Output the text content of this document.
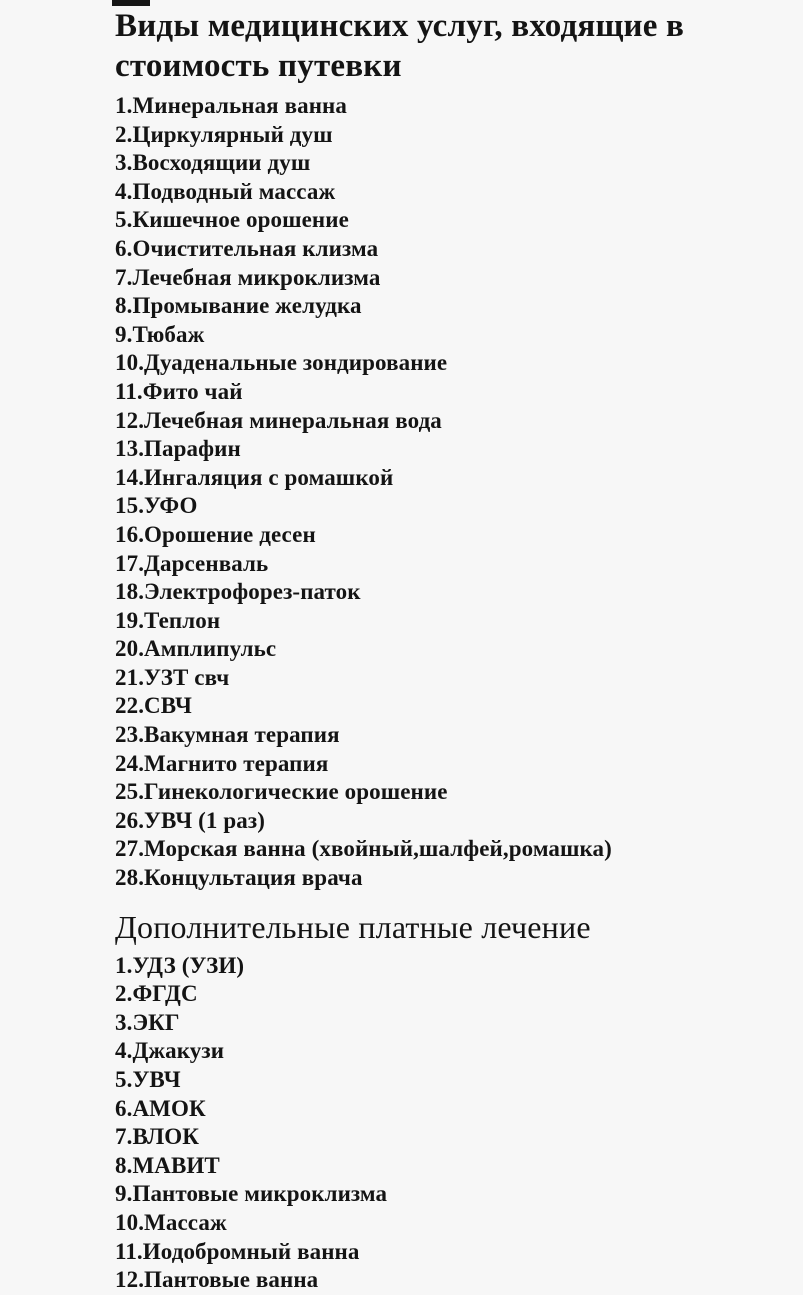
Виды медицинских услуг, входящие в стоимость путевки
1.Минеральная ванна
2.Циркулярный душ
3.Восходящии душ
4.Подводный массаж
5.Кишечное орошение
6.Очистительная клизма
7.Лечебная микроклизма
8.Промывание желудка
9.Тюбаж
10.Дуаденальные зондирование
11.Фито чай
12.Лечебная минеральная вода
13.Парафин
14.Ингаляция с ромашкой
15.УФО
16.Орошение десен
17.Дарсенваль
18.Электрофорез-паток
19.Теплон
20.Амплипульс
21.УЗТ свч
22.СВЧ
23.Вакумная терапия
24.Магнито терапия
25.Гинекологические орошение
26.УВЧ (1 раз)
27.Морская ванна (хвойный,шалфей,ромашка)
28.Концультация врача
Дополнительные платные лечение
1.УДЗ (УЗИ)
2.ФГДС
3.ЭКГ
4.Джакузи
5.УВЧ
6.АМОК
7.ВЛОК
8.МАВИТ
9.Пантовые микроклизма
10.Массаж
11.Иодобромный ванна
12.Пантовые ванна
